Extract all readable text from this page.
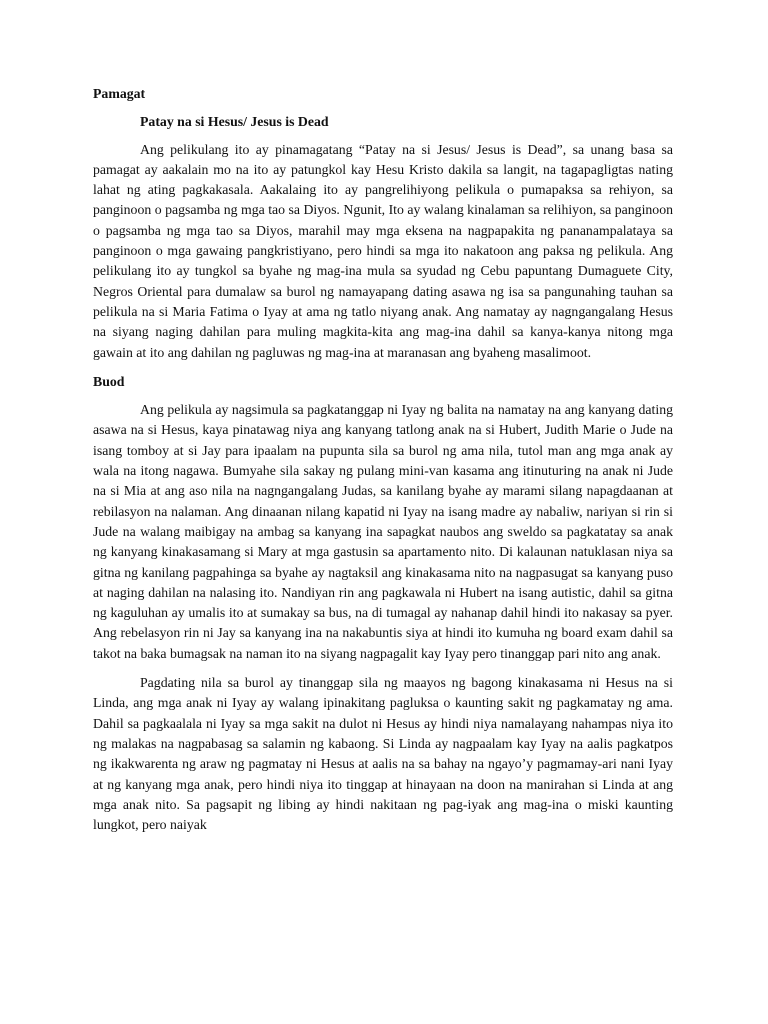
Pamagat
Patay na si Hesus/ Jesus is Dead

Ang pelikulang ito ay pinamagatang “Patay na si Jesus/ Jesus is Dead”, sa unang basa sa pamagat ay aakalain mo na ito ay patungkol kay Hesu Kristo dakila sa langit, na tagapagligtas nating lahat ng ating pagkakasala. Aakalaing ito ay pangrelihiyong pelikula o pumapaksa sa rehiyon, sa panginoon o pagsamba ng mga tao sa Diyos. Ngunit, Ito ay walang kinalaman sa relihiyon, sa panginoon o pagsamba ng mga tao sa Diyos, marahil may mga eksena na nagpapakita ng pananampalataya sa panginoon o mga gawaing pangkristiyano, pero hindi sa mga ito nakatoon ang paksa ng pelikula. Ang pelikulang ito ay tungkol sa byahe ng mag-ina mula sa syudad ng Cebu papuntang Dumaguete City, Negros Oriental para dumalaw sa burol ng namayapang dating asawa ng isa sa pangunahing tauhan sa pelikula na si Maria Fatima o Iyay at ama ng tatlo niyang anak. Ang namatay ay nagngangalang Hesus na siyang naging dahilan para muling magkita-kita ang mag-ina dahil sa kanya-kanya nitong mga gawain at ito ang dahilan ng pagluwas ng mag-ina at maranasan ang byaheng masalimoot.

Buod

Ang pelikula ay nagsimula sa pagkatanggap ni Iyay ng balita na namatay na ang kanyang dating asawa na si Hesus, kaya pinatawag niya ang kanyang tatlong anak na si Hubert, Judith Marie o Jude na isang tomboy at si Jay para ipaalam na pupunta sila sa burol ng ama nila, tutol man ang mga anak ay wala na itong nagawa. Bumyahe sila sakay ng pulang mini-van kasama ang itinuturing na anak ni Jude na si Mia at ang aso nila na nagngangalang Judas, sa kanilang byahe ay marami silang napagdaanan at rebilasyon na nalaman. Ang dinaanan nilang kapatid ni Iyay na isang madre ay nabaliw, nariyan si rin si Jude na walang maibigay na ambag sa kanyang ina sapagkat naubos ang sweldo sa pagkatatay sa anak ng kanyang kinakasamang si Mary at mga gastusin sa apartamento nito. Di kalaunan natuklasan niya sa gitna ng kanilang pagpahinga sa byahe ay nagtaksil ang kinakasama nito na nagpasugat sa kanyang puso at naging dahilan na nalasing ito. Nandiyan rin ang pagkawala ni Hubert na isang autistic, dahil sa gitna ng kaguluhan ay umalis ito at sumakay sa bus, na di tumagal ay nahanap dahil hindi ito nakasay sa pyer. Ang rebelasyon rin ni Jay sa kanyang ina na nakabuntis siya at hindi ito kumuha ng board exam dahil sa takot na baka bumagsak na naman ito na siyang nagpagalit kay Iyay pero tinanggap pari nito ang anak.

Pagdating nila sa burol ay tinanggap sila ng maayos ng bagong kinakasama ni Hesus na si Linda, ang mga anak ni Iyay ay walang ipinakitang pagluksa o kaunting sakit ng pagkamatay ng ama. Dahil sa pagkaalala ni Iyay sa mga sakit na dulot ni Hesus ay hindi niya namalayang nahampas niya ito ng malakas na nagpabasag sa salamin ng kabaong. Si Linda ay nagpaalam kay Iyay na aalis pagkatpos ng ikakwarenta ng araw ng pagmatay ni Hesus at aalis na sa bahay na ngayo’y pagmamay-ari nani Iyay at ng kanyang mga anak, pero hindi niya ito tinggap at hinayaan na doon na manirahan si Linda at ang mga anak nito. Sa pagsapit ng libing ay hindi nakitaan ng pag-iyak ang mag-ina o miski kaunting lungkot, pero naiyak
